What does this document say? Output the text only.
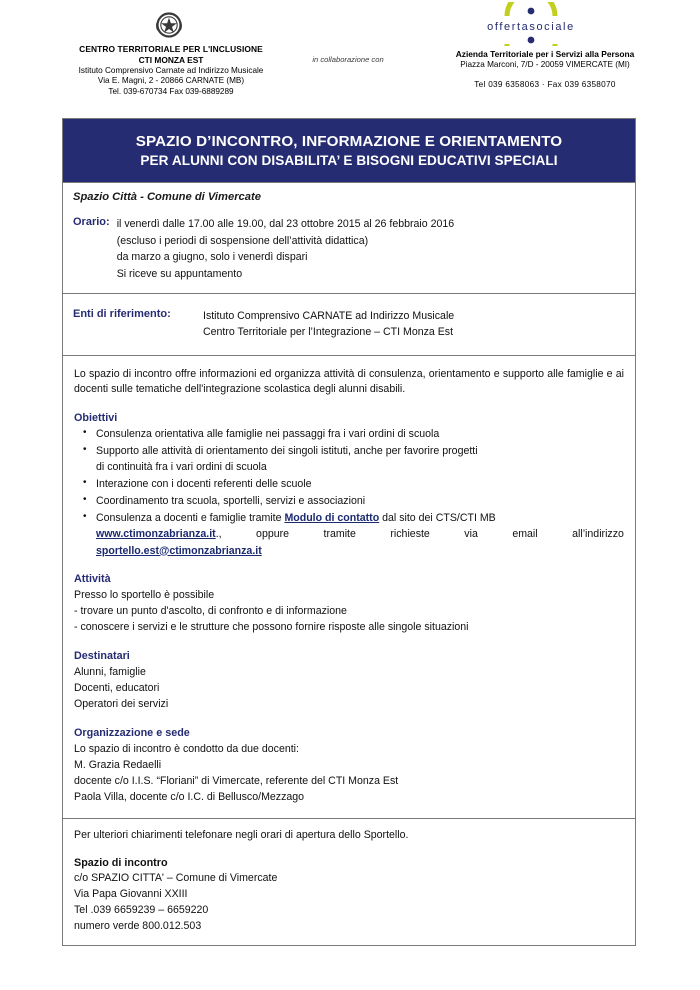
CENTRO TERRITORIALE PER L'INCLUSIONE
CTI MONZA EST
Istituto Comprensivo Carnate ad Indirizzo Musicale
Via E. Magni, 2 - 20866 CARNATE (MB)
Tel. 039-670734 Fax 039-6889289
in collaborazione con
offertasociale
Azienda Territoriale per i Servizi alla Persona
Piazza Marconi, 7/D - 20059 VIMERCATE (MI)
Tel 039 6358063 · Fax 039 6358070
SPAZIO D’INCONTRO, INFORMAZIONE E ORIENTAMENTO
PER ALUNNI CON DISABILITA’ E BISOGNI EDUCATIVI SPECIALI
Spazio Città - Comune di Vimercate
Orario: il venerdì dalle 17.00 alle 19.00, dal 23 ottobre 2015 al 26 febbraio 2016
(escluso i periodi di sospensione dell’attività didattica)
da marzo a giugno, solo i venerdì dispari
Si riceve su appuntamento
Enti di riferimento:	Istituto Comprensivo CARNATE ad Indirizzo Musicale
Centro Territoriale per l’Integrazione – CTI Monza Est
Lo spazio di incontro offre informazioni ed organizza attività di consulenza, orientamento e supporto alle famiglie e ai docenti sulle tematiche dell'integrazione scolastica degli alunni disabili.
Obiettivi
• Consulenza orientativa alle famiglie nei passaggi fra i vari ordini di scuola
• Supporto alle attività di orientamento dei singoli istituti, anche per favorire progetti
di continuità fra i vari ordini di scuola
• Interazione con i docenti referenti delle scuole
• Coordinamento tra scuola, sportelli, servizi e associazioni
• Consulenza a docenti e famiglie tramite Modulo di contatto dal sito dei CTS/CTI MB
www.ctimonzabrianza.it.,	oppure	tramite	richieste	via	email	all’indirizzo
sportello.est@ctimonzabrianza.it
Attività
Presso lo sportello è possibile
- trovare un punto d'ascolto, di confronto e di informazione
- conoscere i servizi e le strutture che possono fornire risposte alle singole situazioni
Destinatari
Alunni, famiglie
Docenti, educatori
Operatori dei servizi
Organizzazione e sede
Lo spazio di incontro è condotto da due docenti:
M. Grazia Redaelli
docente c/o I.I.S. “Floriani” di Vimercate, referente del CTI Monza Est
Paola Villa, docente c/o I.C. di Bellusco/Mezzago
Per ulteriori chiarimenti telefonare negli orari di apertura dello Sportello.
Spazio di incontro
c/o SPAZIO CITTA' – Comune di Vimercate
Via Papa Giovanni XXIII
Tel .039 6659239 – 6659220
numero verde 800.012.503
